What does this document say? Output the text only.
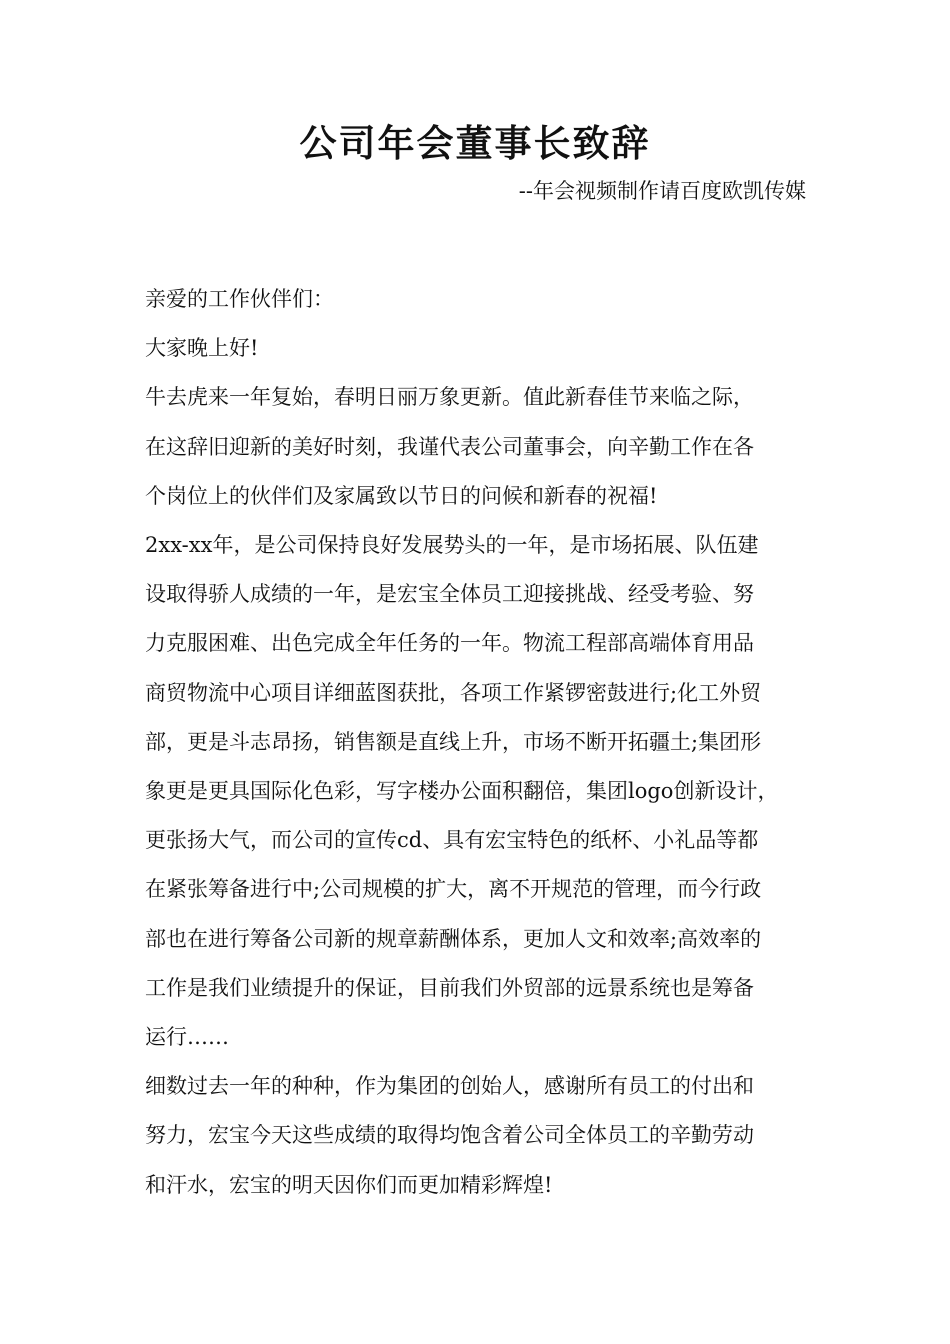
公司年会董事长致辞

--年会视频制作请百度欧凯传媒

亲爱的工作伙伴们：

大家晚上好!

牛去虎来一年复始，春明日丽万象更新。值此新春佳节来临之际，
在这辞旧迎新的美好时刻，我谨代表公司董事会，向辛勤工作在各
个岗位上的伙伴们及家属致以节日的问候和新春的祝福!

2xx-xx年，是公司保持良好发展势头的一年，是市场拓展、队伍建
设取得骄人成绩的一年，是宏宝全体员工迎接挑战、经受考验、努
力克服困难、出色完成全年任务的一年。物流工程部高端体育用品
商贸物流中心项目详细蓝图获批，各项工作紧锣密鼓进行;化工外贸
部，更是斗志昂扬，销售额是直线上升，市场不断开拓疆土;集团形
象更是更具国际化色彩，写字楼办公面积翻倍，集团logo创新设计，
更张扬大气，而公司的宣传cd、具有宏宝特色的纸杯、小礼品等都
在紧张筹备进行中;公司规模的扩大，离不开规范的管理，而今行政
部也在进行筹备公司新的规章薪酬体系，更加人文和效率;高效率的
工作是我们业绩提升的保证，目前我们外贸部的远景系统也是筹备
运行……

细数过去一年的种种，作为集团的创始人，感谢所有员工的付出和
努力，宏宝今天这些成绩的取得均饱含着公司全体员工的辛勤劳动
和汗水，宏宝的明天因你们而更加精彩辉煌!
